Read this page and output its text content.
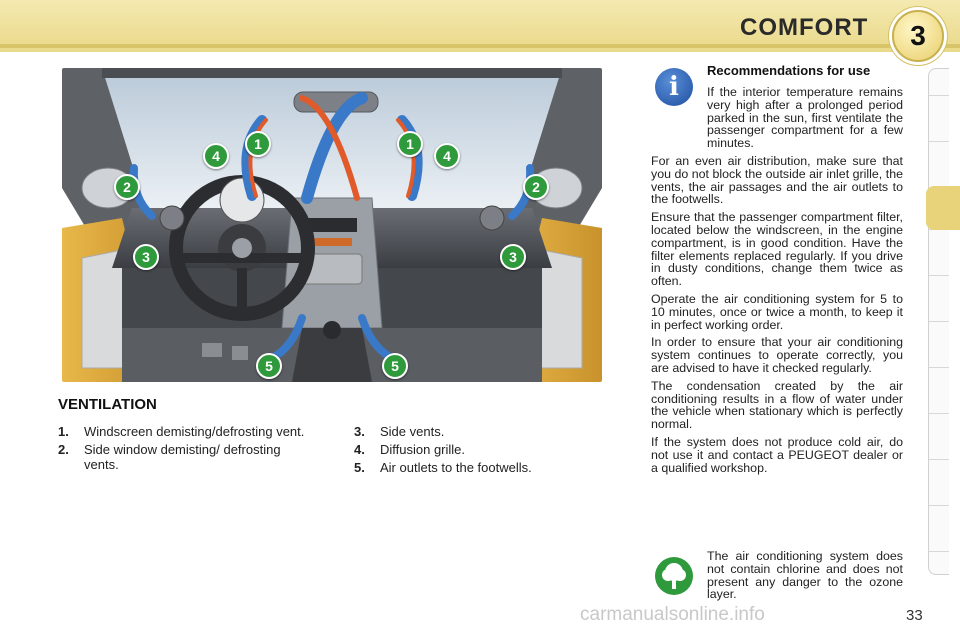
COMFORT 3
1
4
2
3
5
1
4
2
3
5
VENTILATION
1. Windscreen demisting/defrosting vent.
2. Side window demisting/ defrosting vents.
3. Side vents.
4. Diffusion grille.
5. Air outlets to the footwells.
i
Recommendations for use

If the interior temperature remains very high after a prolonged period parked in the sun, first ventilate the passenger compartment for a few minutes.

For an even air distribution, make sure that you do not block the outside air inlet grille, the vents, the air passages and the air outlets to the footwells.

Ensure that the passenger compartment filter, located below the windscreen, in the engine compartment, is in good condition. Have the filter elements replaced regularly. If you drive in dusty conditions, change them twice as often.

Operate the air conditioning system for 5 to 10 minutes, once or twice a month, to keep it in perfect working order.

In order to ensure that your air conditioning system continues to operate correctly, you are advised to have it checked regularly.

The condensation created by the air conditioning results in a flow of water under the vehicle when stationary which is perfectly normal.

If the system does not produce cold air, do not use it and contact a PEUGEOT dealer or a qualified workshop.

The air conditioning system does not contain chlorine and does not present any danger to the ozone layer.
carmanualsonline.info	33
